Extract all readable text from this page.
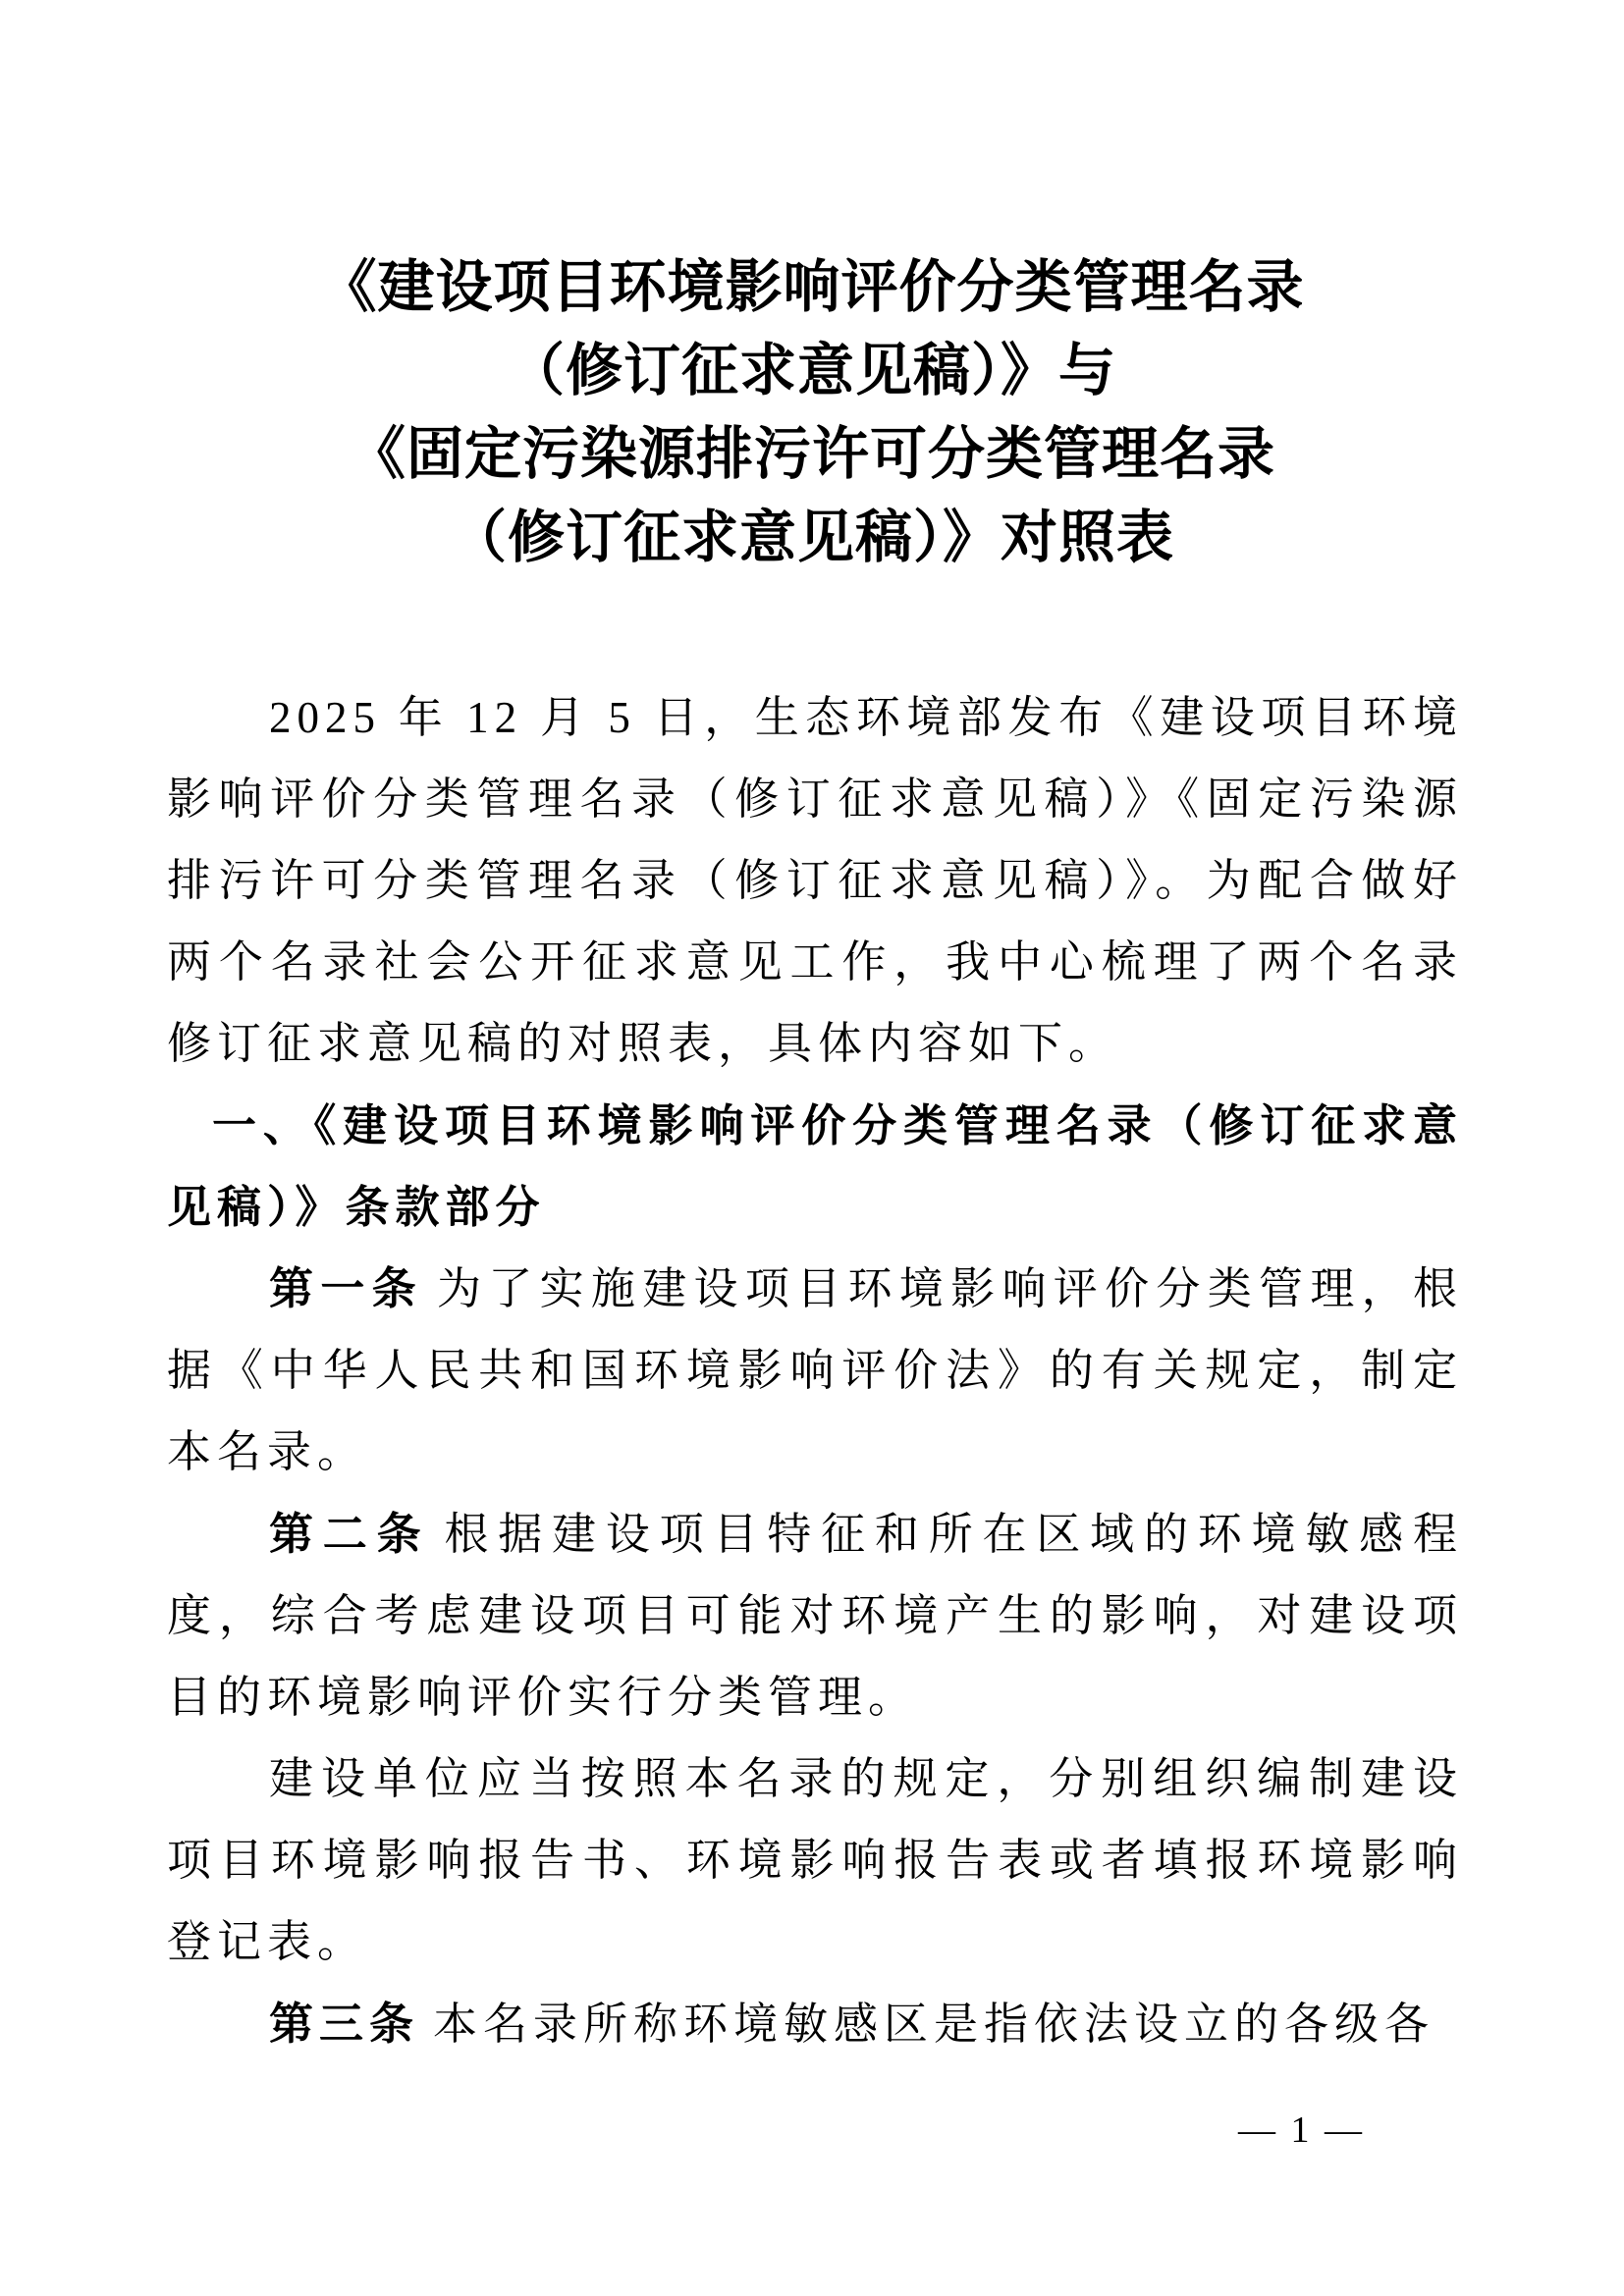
《建设项目环境影响评价分类管理名录
（修订征求意见稿）》与
《固定污染源排污许可分类管理名录
（修订征求意见稿）》对照表

2025 年 12 月 5 日，生态环境部发布《建设项目环境影响评价分类管理名录（修订征求意见稿）》《固定污染源排污许可分类管理名录（修订征求意见稿）》。为配合做好两个名录社会公开征求意见工作，我中心梳理了两个名录修订征求意见稿的对照表，具体内容如下。

一、《建设项目环境影响评价分类管理名录（修订征求意见稿）》条款部分

第一条 为了实施建设项目环境影响评价分类管理，根据《中华人民共和国环境影响评价法》的有关规定，制定本名录。

第二条 根据建设项目特征和所在区域的环境敏感程度，综合考虑建设项目可能对环境产生的影响，对建设项目的环境影响评价实行分类管理。

建设单位应当按照本名录的规定，分别组织编制建设项目环境影响报告书、环境影响报告表或者填报环境影响登记表。

第三条 本名录所称环境敏感区是指依法设立的各级各

— 1 —
